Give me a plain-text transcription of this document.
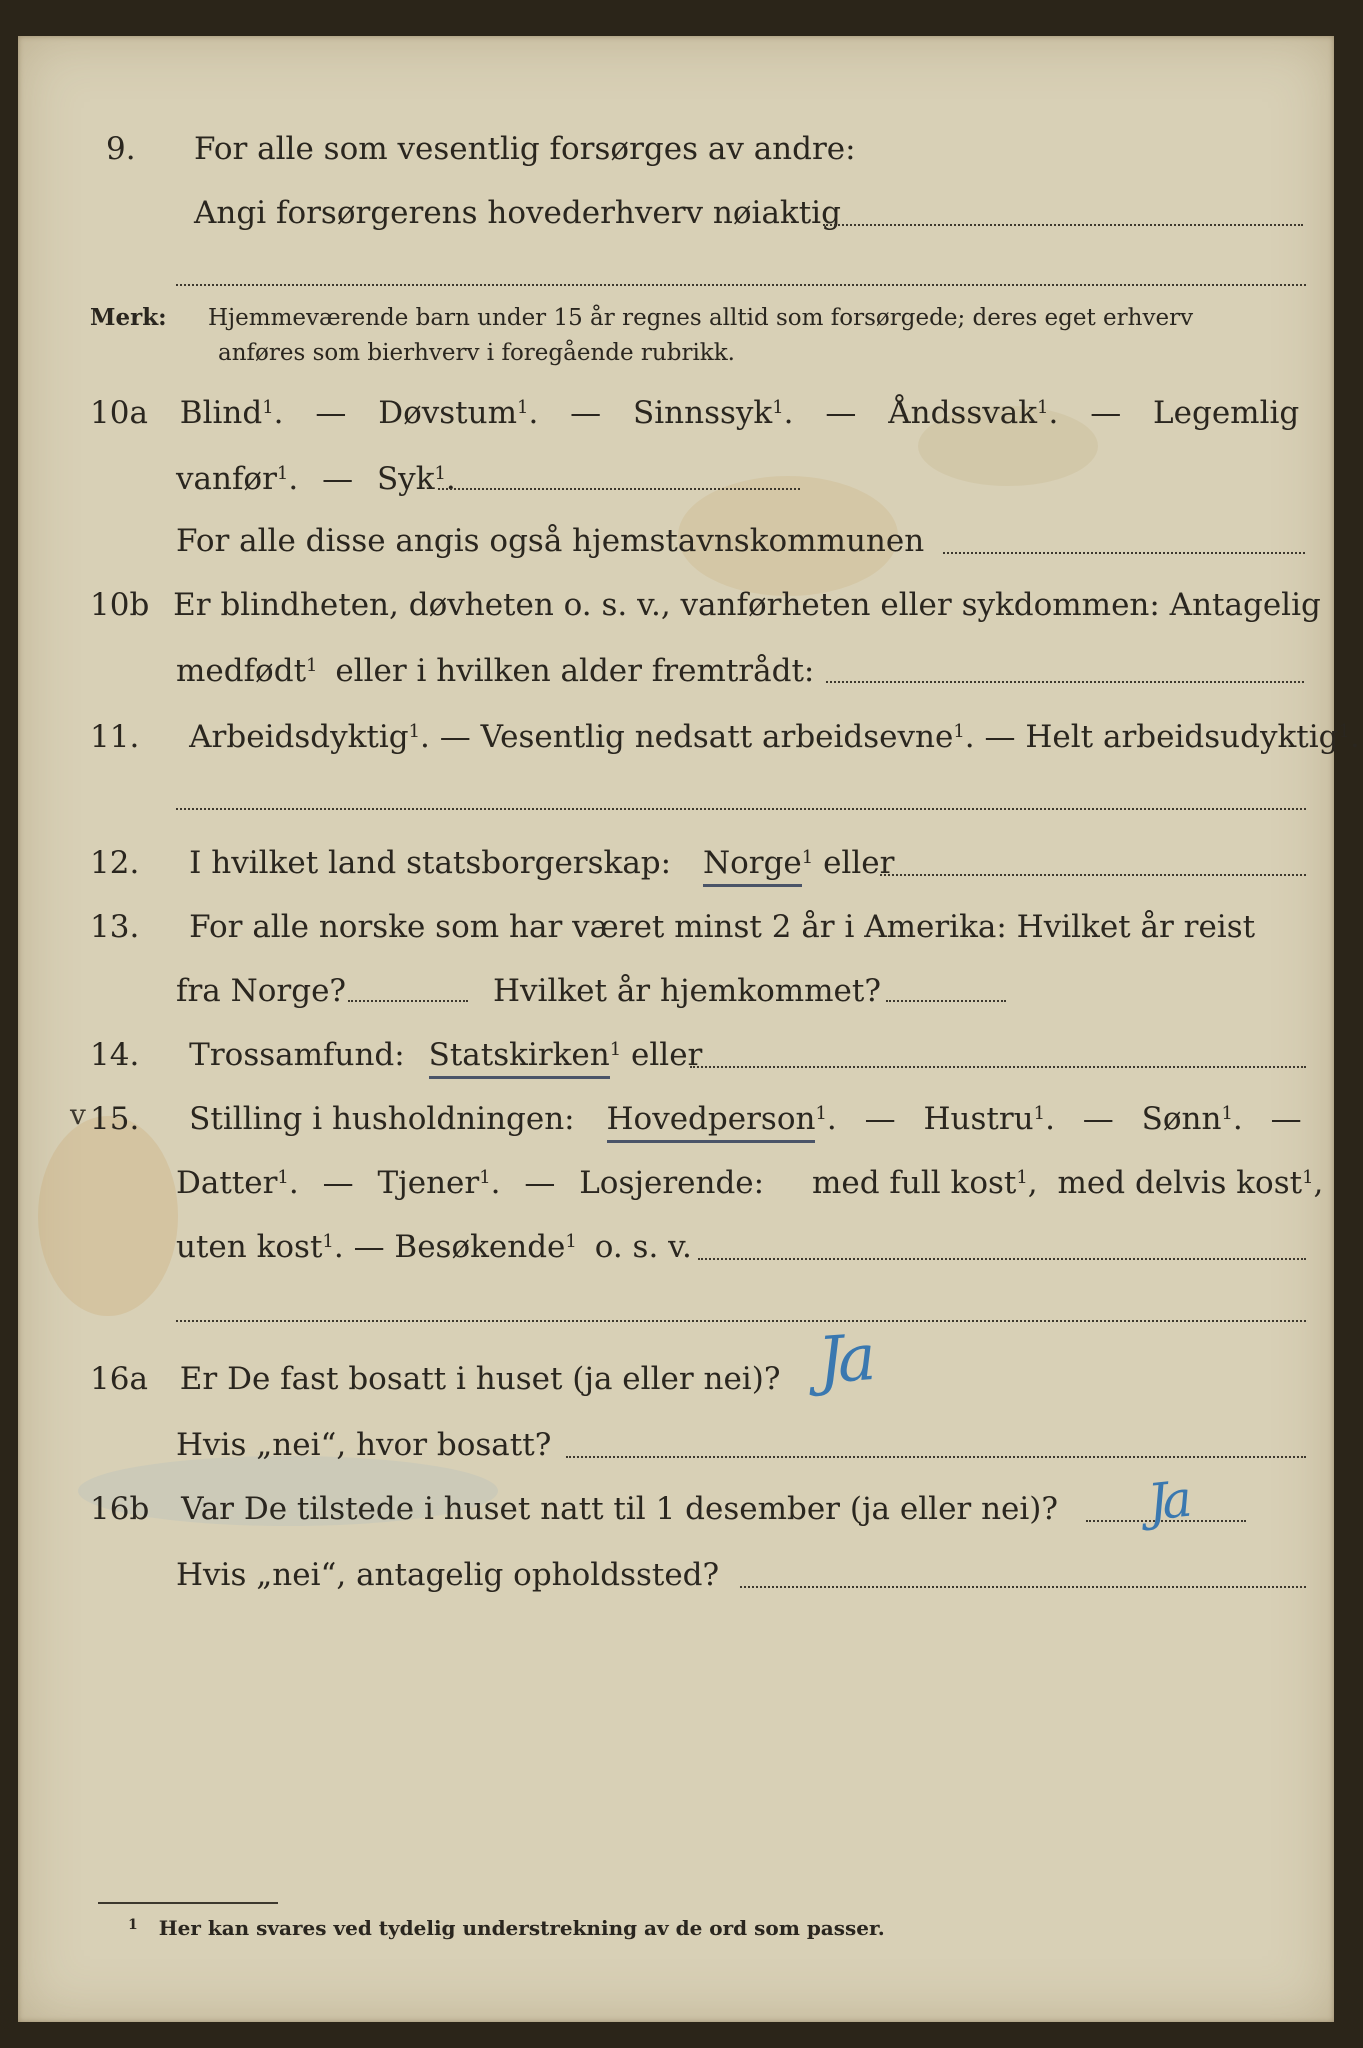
9. For alle som vesentlig forsørges av andre:
Angi forsørgerens hovederhverv nøiaktig
Merk: Hjemmeværende barn under 15 år regnes alltid som forsørgede; deres eget erhverv
anføres som bierhverv i foregående rubrikk.
10a Blind$^1$. — Døvstum$^1$. — Sinnssyk$^1$. — Åndssvak$^1$. — Legemlig
vanfør$^1$. — Syk$^1$.
For alle disse angis også hjemstavnskommunen
10b Er blindheten, døvheten o. s. v., vanførheten eller sykdommen: Antagelig
medfødt$^1$ eller i hvilken alder fremtrådt:
11. Arbeidsdyktig$^1$. — Vesentlig nedsatt arbeidsevne$^1$. — Helt arbeidsudyktig$^1$.
12. I hvilket land statsborgerskap: Norge$^1$ eller
13. For alle norske som har været minst 2 år i Amerika: Hvilket år reist
fra Norge?	Hvilket år hjemkommet?
14. Trossamfund: Statskirken$^1$ eller
v 15. Stilling i husholdningen: Hovedperson$^1$. — Hustru$^1$. — Sønn$^1$. —
Datter$^1$. — Tjener$^1$. — Losjerende: med full kost$^1$, med delvis kost$^1$,
uten kost$^1$. — Besøkende$^1$ o. s. v.
16a Er De fast bosatt i huset (ja eller nei)? Ja
Hvis „nei“, hvor bosatt?
16b Var De tilstede i huset natt til 1 desember (ja eller nei)? Ja
Hvis „nei“, antagelig opholdssted?
$^1$ Her kan svares ved tydelig understrekning av de ord som passer.
